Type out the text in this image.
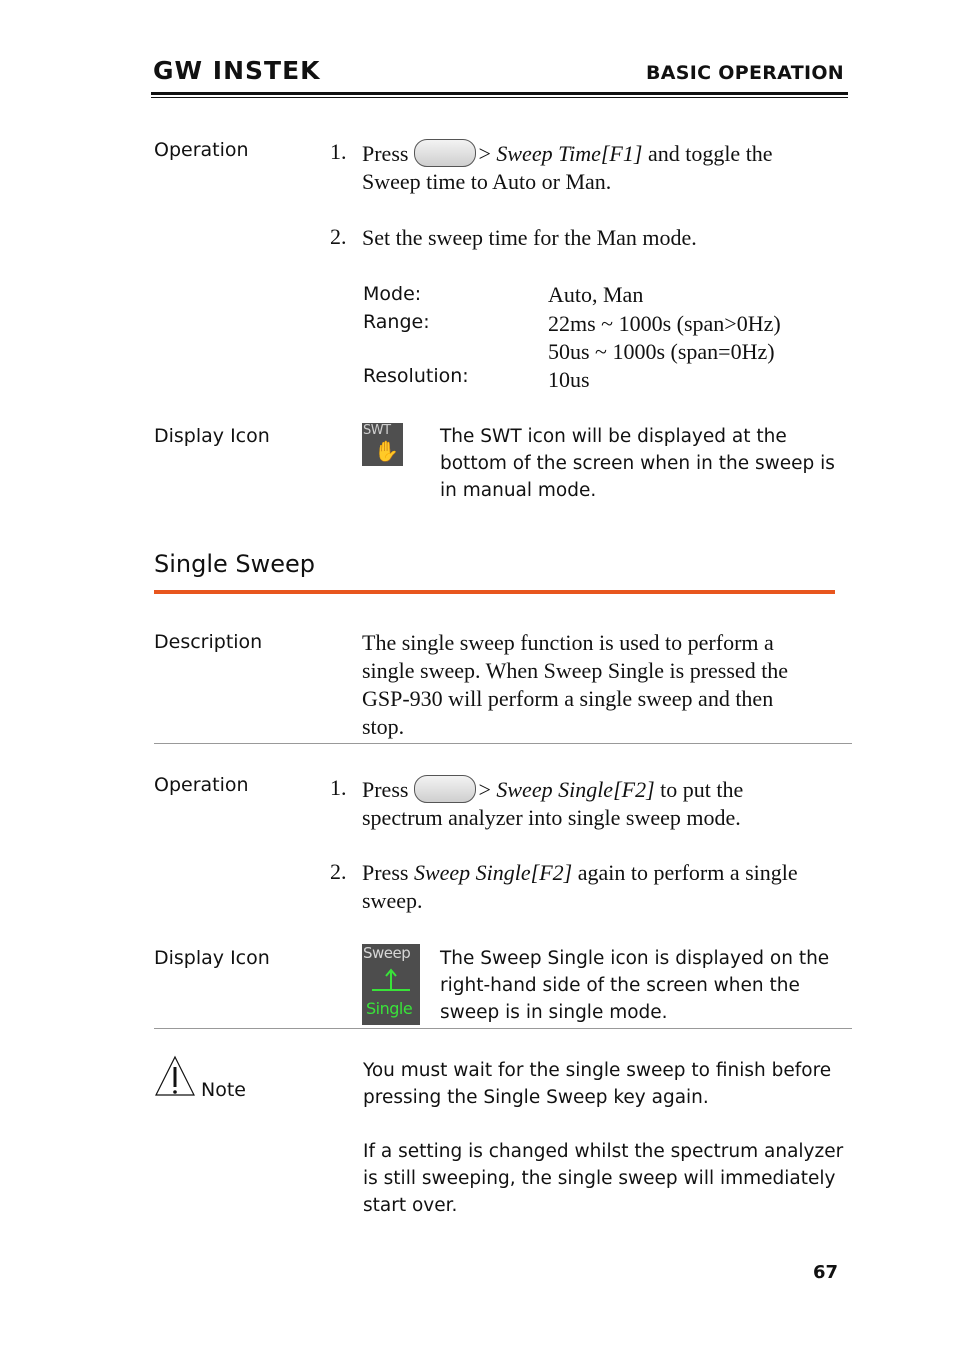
GW INSTEK	BASIC OPERATION
Operation	1. Press	> Sweep Time[F1] and toggle the
Sweep time to Auto or Man.
2. Set the sweep time for the Man mode.
Mode:	Auto, Man
Range:	22ms ~ 1000s (span>0Hz)
50us ~ 1000s (span=0Hz)
Resolution:	10us
Display Icon	SWT
✋
The SWT icon will be displayed at the
bottom of the screen when in the sweep is
in manual mode.
Single Sweep
Description	The single sweep function is used to perform a
single sweep. When Sweep Single is pressed the
GSP-930 will perform a single sweep and then
stop.
Operation	1. Press	> Sweep Single[F2] to put the
spectrum analyzer into single sweep mode.
2. Press Sweep Single[F2] again to perform a single
sweep.
Display Icon	Sweep
Single
The Sweep Single icon is displayed on the
right-hand side of the screen when the
sweep is in single mode.
Note
You must wait for the single sweep to finish before
pressing the Single Sweep key again.
If a setting is changed whilst the spectrum analyzer
is still sweeping, the single sweep will immediately
start over.
67
